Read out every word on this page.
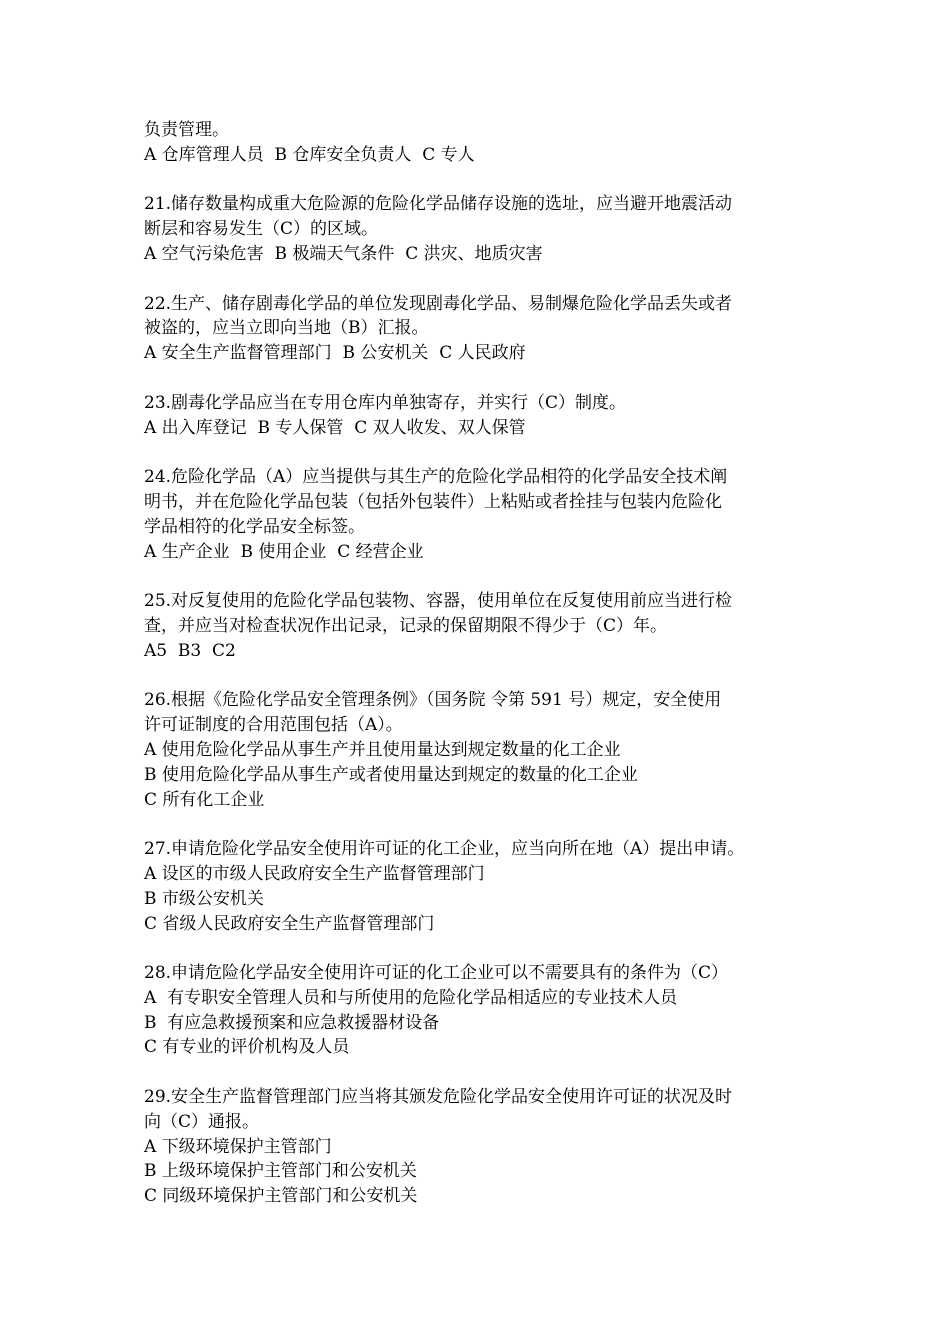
负责管理。
A 仓库管理人员  B 仓库安全负责人  C 专人
21.储存数量构成重大危险源的危险化学品储存设施的选址，应当避开地震活动
断层和容易发生（C）的区域。
A 空气污染危害  B 极端天气条件  C 洪灾、地质灾害
22.生产、储存剧毒化学品的单位发现剧毒化学品、易制爆危险化学品丢失或者
被盗的，应当立即向当地（B）汇报。
A 安全生产监督管理部门  B 公安机关  C 人民政府
23.剧毒化学品应当在专用仓库内单独寄存，并实行（C）制度。
A 出入库登记  B 专人保管  C 双人收发、双人保管
24.危险化学品（A）应当提供与其生产的危险化学品相符的化学品安全技术阐
明书，并在危险化学品包装（包括外包装件）上粘贴或者拴挂与包装内危险化
学品相符的化学品安全标签。
A 生产企业  B 使用企业  C 经营企业
25.对反复使用的危险化学品包装物、容器，使用单位在反复使用前应当进行检
查，并应当对检查状况作出记录，记录的保留期限不得少于（C）年。
A5  B3  C2
26.根据《危险化学品安全管理条例》（国务院 令第 591 号）规定，安全使用
许可证制度的合用范围包括（A）。
A 使用危险化学品从事生产并且使用量达到规定数量的化工企业
B 使用危险化学品从事生产或者使用量达到规定的数量的化工企业
C 所有化工企业
27.申请危险化学品安全使用许可证的化工企业，应当向所在地（A）提出申请。
A 设区的市级人民政府安全生产监督管理部门
B 市级公安机关
C 省级人民政府安全生产监督管理部门
28.申请危险化学品安全使用许可证的化工企业可以不需要具有的条件为（C）
A  有专职安全管理人员和与所使用的危险化学品相适应的专业技术人员
B  有应急救援预案和应急救援器材设备
C 有专业的评价机构及人员
29.安全生产监督管理部门应当将其颁发危险化学品安全使用许可证的状况及时
向（C）通报。
A 下级环境保护主管部门
B 上级环境保护主管部门和公安机关
C 同级环境保护主管部门和公安机关
